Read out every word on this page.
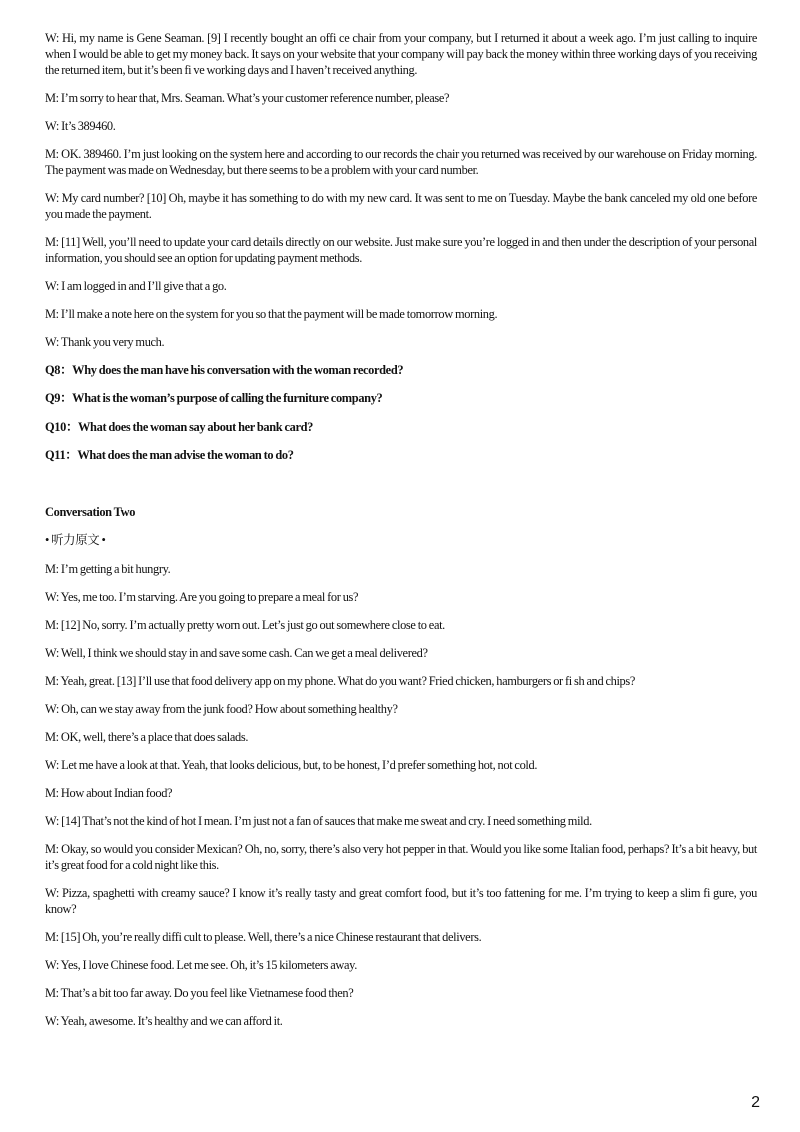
W: Hi, my name is Gene Seaman. [9] I recently bought an offi ce chair from your company, but I returned it about a week ago. I’m just calling to inquire when I would be able to get my money back. It says on your website that your company will pay back the money within three working days of you receiving the returned item, but it’s been fi ve working days and I haven’t received anything.

M: I’m sorry to hear that, Mrs. Seaman. What’s your customer reference number, please?

W: It’s 389460.

M: OK. 389460. I’m just looking on the system here and according to our records the chair you returned was received by our warehouse on Friday morning. The payment was made on Wednesday, but there seems to be a problem with your card number.

W: My card number? [10] Oh, maybe it has something to do with my new card. It was sent to me on Tuesday. Maybe the bank canceled my old one before you made the payment.

M: [11] Well, you’ll need to update your card details directly on our website. Just make sure you’re logged in and then under the description of your personal information, you should see an option for updating payment methods.

W: I am logged in and I’ll give that a go.

M: I’ll make a note here on the system for you so that the payment will be made tomorrow morning.

W: Thank you very much.

Q8：Why does the man have his conversation with the woman recorded?

Q9：What is the woman’s purpose of calling the furniture company?

Q10：What does the woman say about her bank card?

Q11：What does the man advise the woman to do?

Conversation Two

• 听力原文 •

M: I’m getting a bit hungry.

W: Yes, me too. I’m starving. Are you going to prepare a meal for us?

M: [12] No, sorry. I’m actually pretty worn out. Let’s just go out somewhere close to eat.

W: Well, I think we should stay in and save some cash. Can we get a meal delivered?

M: Yeah, great. [13] I’ll use that food delivery app on my phone. What do you want? Fried chicken, hamburgers or fi sh and chips?

W: Oh, can we stay away from the junk food? How about something healthy?

M: OK, well, there’s a place that does salads.

W: Let me have a look at that. Yeah, that looks delicious, but, to be honest, I’d prefer something hot, not cold.

M: How about Indian food?

W: [14] That’s not the kind of hot I mean. I’m just not a fan of sauces that make me sweat and cry. I need something mild.

M: Okay, so would you consider Mexican? Oh, no, sorry, there’s also very hot pepper in that. Would you like some Italian food, perhaps? It’s a bit heavy, but it’s great food for a cold night like this.

W: Pizza, spaghetti with creamy sauce? I know it’s really tasty and great comfort food, but it’s too fattening for me. I’m trying to keep a slim fi gure, you know?

M: [15] Oh, you’re really diffi cult to please. Well, there’s a nice Chinese restaurant that delivers.

W: Yes, I love Chinese food. Let me see. Oh, it’s 15 kilometers away.

M: That’s a bit too far away. Do you feel like Vietnamese food then?

W: Yeah, awesome. It’s healthy and we can afford it.

2
